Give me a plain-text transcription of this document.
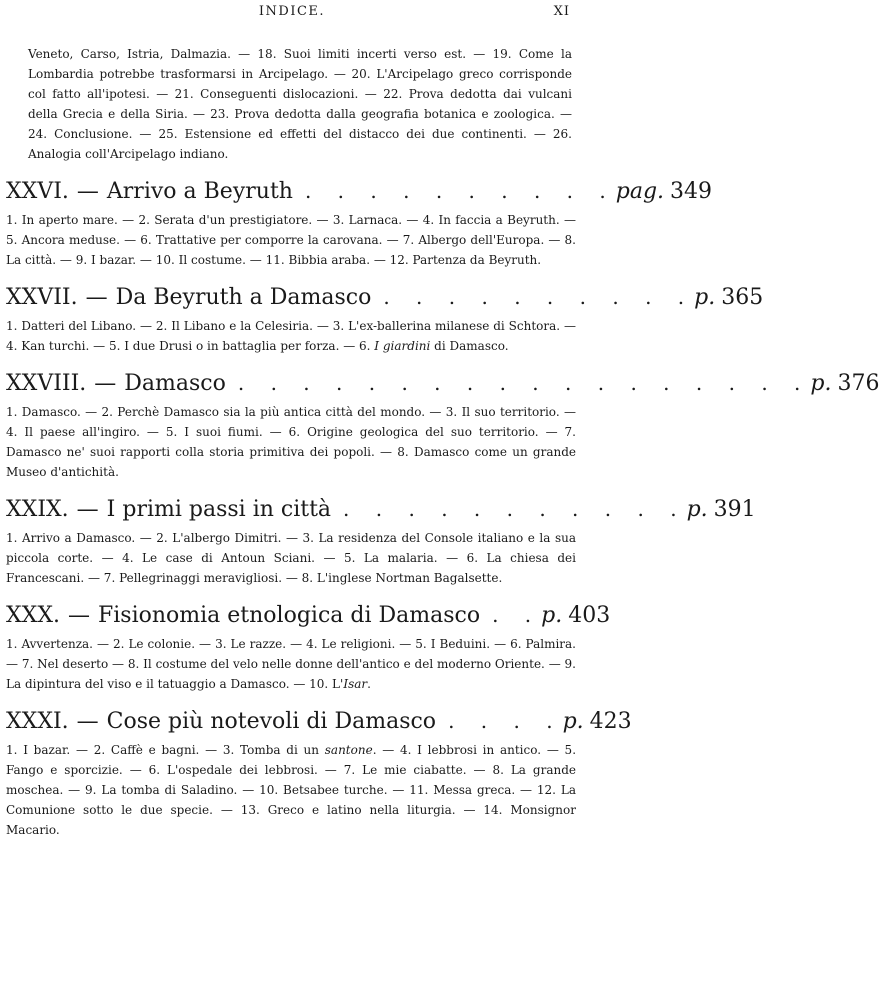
INDICE.	XI
Veneto, Carso, Istria, Dalmazia. — 18. Suoi limiti incerti verso est. — 19. Come la Lombardia potrebbe trasformarsi in Arcipelago. — 20. L'Arcipelago greco corrisponde col fatto all'ipotesi. — 21. Conseguenti dislocazioni. — 22. Prova dedotta dai vulcani della Grecia e della Siria. — 23. Prova dedotta dalla geografia botanica e zoologica. — 24. Conclusione. — 25. Estensione ed effetti del distacco dei due continenti. — 26. Analogia coll'Arcipelago indiano.
XXVI. — Arrivo a Beyruth . . . . . . . . . . pag. 349
1. In aperto mare. — 2. Serata d'un prestigiatore. — 3. Larnaca. — 4. In faccia a Beyruth. — 5. Ancora meduse. — 6. Trattative per comporre la carovana. — 7. Albergo dell'Europa. — 8. La città. — 9. I bazar. — 10. Il costume. — 11. Bibbia araba. — 12. Partenza da Beyruth.
XXVII. — Da Beyruth a Damasco . . . . . . . . . . p. 365
1. Datteri del Libano. — 2. Il Libano e la Celesiria. — 3. L'ex-ballerina milanese di Schtora. — 4. Kan turchi. — 5. I due Drusi o in battaglia per forza. — 6. I giardini di Damasco.
XXVIII. — Damasco . . . . . . . . . . . . . . . . . . p. 376
1. Damasco. — 2. Perchè Damasco sia la più antica città del mondo. — 3. Il suo territorio. — 4. Il paese all'ingiro. — 5. I suoi fiumi. — 6. Origine geologica del suo territorio. — 7. Damasco ne' suoi rapporti colla storia primitiva dei popoli. — 8. Damasco come un grande Museo d'antichità.
XXIX. — I primi passi in città . . . . . . . . . . . p. 391
1. Arrivo a Damasco. — 2. L'albergo Dimitri. — 3. La residenza del Console italiano e la sua piccola corte. — 4. Le case di Antoun Sciani. — 5. La malaria. — 6. La chiesa dei Francescani. — 7. Pellegrinaggi meravigliosi. — 8. L'inglese Nortman Bagalsette.
XXX. — Fisionomia etnologica di Damasco . . p. 403
1. Avvertenza. — 2. Le colonie. — 3. Le razze. — 4. Le religioni. — 5. I Beduini. — 6. Palmira. — 7. Nel deserto — 8. Il costume del velo nelle donne dell'antico e del moderno Oriente. — 9. La dipintura del viso e il tatuaggio a Damasco. — 10. L'Isar.
XXXI. — Cose più notevoli di Damasco . . . . p. 423
1. I bazar. — 2. Caffè e bagni. — 3. Tomba di un santone. — 4. I lebbrosi in antico. — 5. Fango e sporcizie. — 6. L'ospedale dei lebbrosi. — 7. Le mie ciabatte. — 8. La grande moschea. — 9. La tomba di Saladino. — 10. Betsabee turche. — 11. Messa greca. — 12. La Comunione sotto le due specie. — 13. Greco e latino nella liturgia. — 14. Monsignor Macario.
